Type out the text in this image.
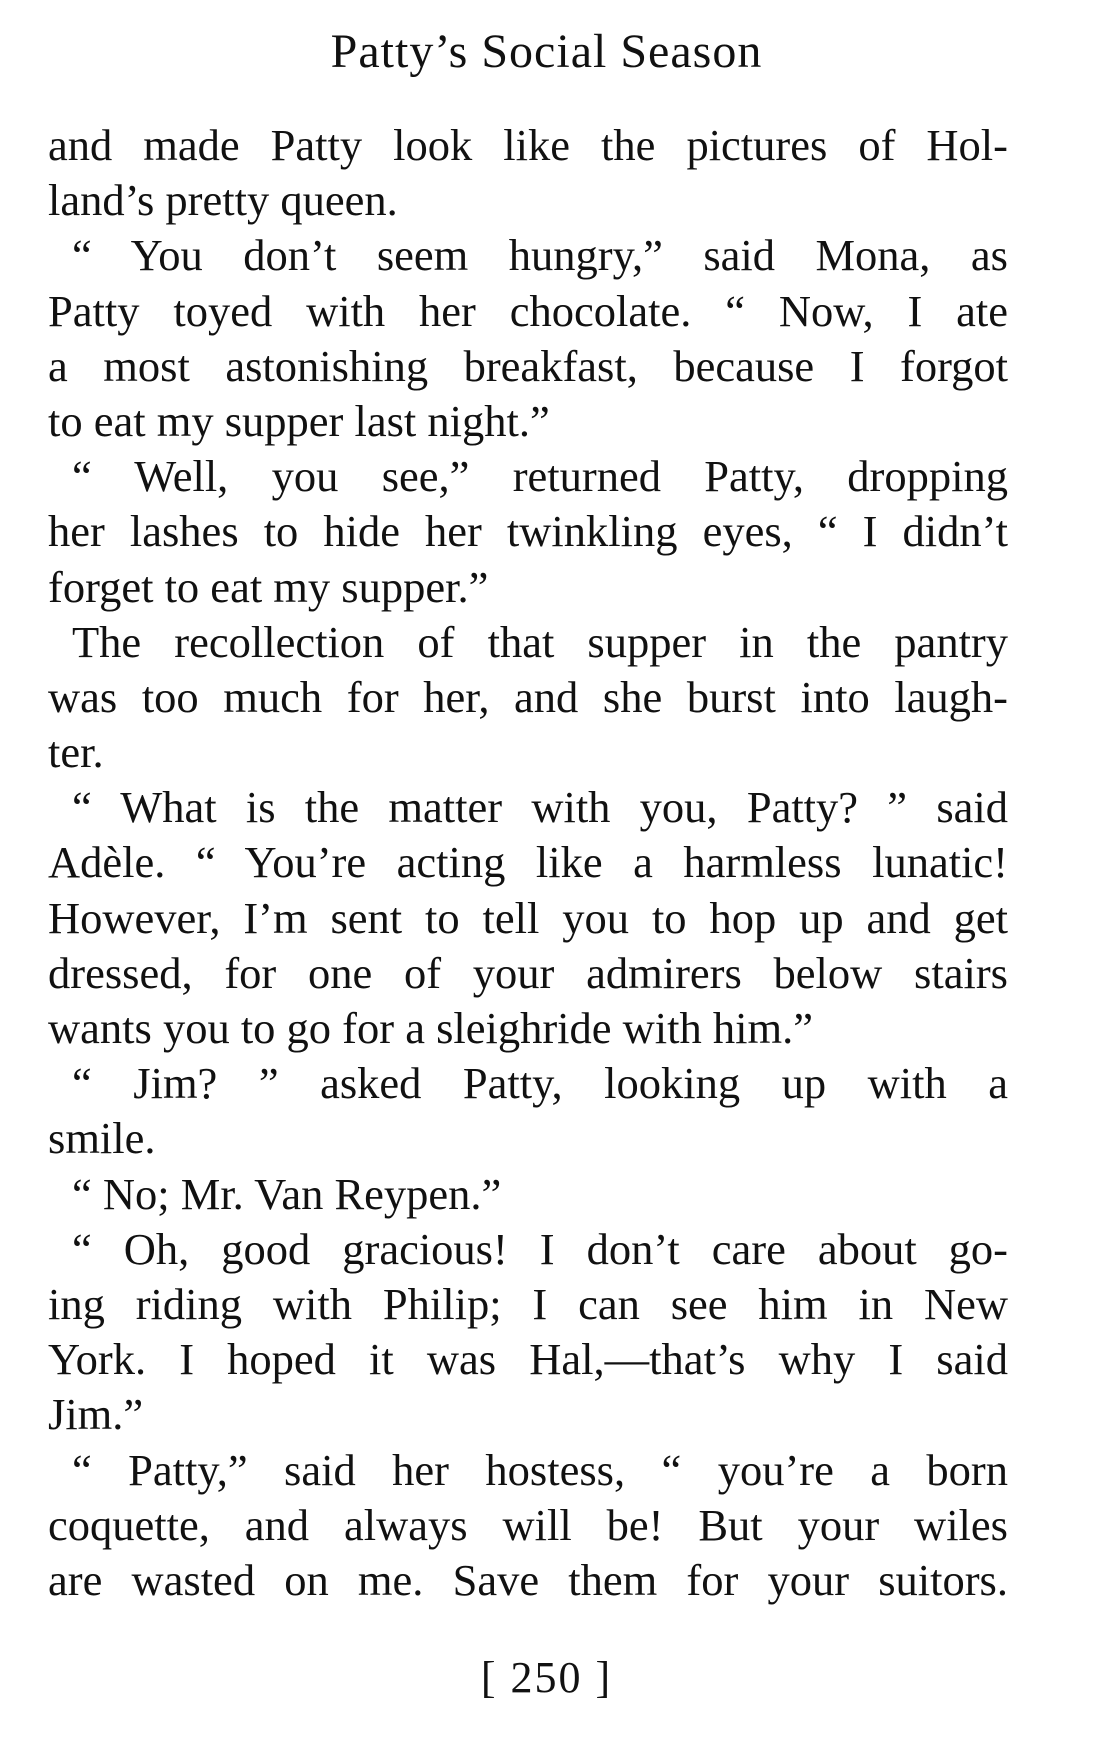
Patty’s Social Season

and made Patty look like the pictures of Hol-
land’s pretty queen.

“ You don’t seem hungry,” said Mona, as
Patty toyed with her chocolate. “ Now, I ate
a most astonishing breakfast, because I forgot
to eat my supper last night.”

“ Well, you see,” returned Patty, dropping
her lashes to hide her twinkling eyes, “ I didn’t
forget to eat my supper.”

The recollection of that supper in the pantry
was too much for her, and she burst into laugh-
ter.

“ What is the matter with you, Patty? ” said
Adèle. “ You’re acting like a harmless lunatic!
However, I’m sent to tell you to hop up and get
dressed, for one of your admirers below stairs
wants you to go for a sleighride with him.”

“ Jim? ” asked Patty, looking up with a
smile.

“ No; Mr. Van Reypen.”

“ Oh, good gracious! I don’t care about go-
ing riding with Philip; I can see him in New
York. I hoped it was Hal,—that’s why I said
Jim.”

“ Patty,” said her hostess, “ you’re a born
coquette, and always will be! But your wiles
are wasted on me. Save them for your suitors.

[ 250 ]
